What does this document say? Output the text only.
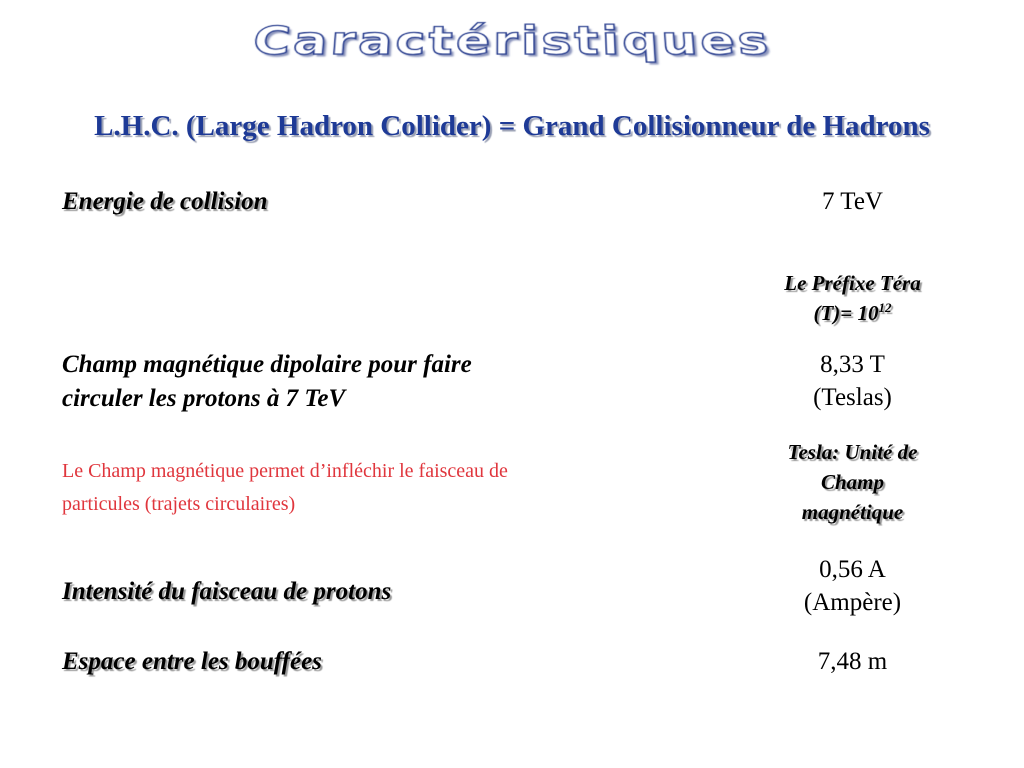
Caractéristiques
L.H.C. (Large Hadron Collider) = Grand Collisionneur de Hadrons
Energie de collision	7 TeV
Le Préfixe Téra
$(T)= 10^{12}$
Champ magnétique dipolaire pour faire
circuler les protons à 7 TeV
8,33 T
(Teslas)
Le Champ magnétique permet d’infléchir le faisceau de
particules (trajets circulaires)
Tesla: Unité de
Champ
magnétique
Intensité du faisceau de protons
0,56 A
(Ampère)
Espace entre les bouffées	7,48 m
